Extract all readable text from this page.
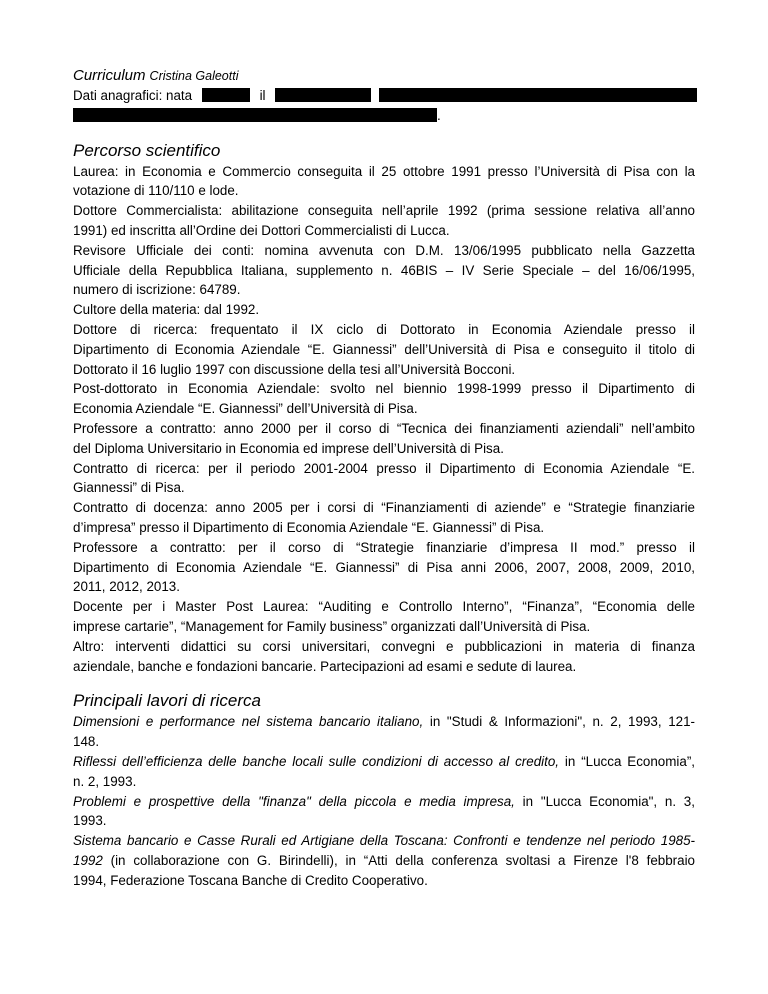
Curriculum Cristina Galeotti
Dati anagrafici: nata	il
.
Percorso scientifico
Laurea: in Economia e Commercio conseguita il 25 ottobre 1991 presso l’Università di Pisa con la
votazione di 110/110 e lode.
Dottore Commercialista: abilitazione conseguita nell’aprile 1992 (prima sessione relativa all’anno
1991) ed inscritta all’Ordine dei Dottori Commercialisti di Lucca.
Revisore Ufficiale dei conti: nomina avvenuta con D.M. 13/06/1995 pubblicato nella Gazzetta
Ufficiale della Repubblica Italiana, supplemento n. 46BIS – IV Serie Speciale – del 16/06/1995,
numero di iscrizione: 64789.
Cultore della materia: dal 1992.
Dottore di ricerca: frequentato il IX ciclo di Dottorato in Economia Aziendale presso il
Dipartimento di Economia Aziendale “E. Giannessi” dell’Università di Pisa e conseguito il titolo di
Dottorato il 16 luglio 1997 con discussione della tesi all’Università Bocconi.
Post-dottorato in Economia Aziendale: svolto nel biennio 1998-1999 presso il Dipartimento di
Economia Aziendale “E. Giannessi” dell’Università di Pisa.
Professore a contratto: anno 2000 per il corso di “Tecnica dei finanziamenti aziendali” nell’ambito
del Diploma Universitario in Economia ed imprese dell’Università di Pisa.
Contratto di ricerca: per il periodo 2001-2004 presso il Dipartimento di Economia Aziendale “E.
Giannessi” di Pisa.
Contratto di docenza: anno 2005 per i corsi di “Finanziamenti di aziende” e “Strategie finanziarie
d’impresa” presso il Dipartimento di Economia Aziendale “E. Giannessi” di Pisa.
Professore a contratto: per il corso di “Strategie finanziarie d’impresa II mod.” presso il
Dipartimento di Economia Aziendale “E. Giannessi” di Pisa anni 2006, 2007, 2008, 2009, 2010,
2011, 2012, 2013.
Docente per i Master Post Laurea: “Auditing e Controllo Interno”, “Finanza”, “Economia delle
imprese cartarie”, “Management for Family business” organizzati dall’Università di Pisa.
Altro: interventi didattici su corsi universitari, convegni e pubblicazioni in materia di finanza
aziendale, banche e fondazioni bancarie. Partecipazioni ad esami e sedute di laurea.
Principali lavori di ricerca
Dimensioni e performance nel sistema bancario italiano, in "Studi & Informazioni", n. 2, 1993, 121-
148.
Riflessi dell’efficienza delle banche locali sulle condizioni di accesso al credito, in “Lucca Economia”,
n. 2, 1993.
Problemi e prospettive della "finanza" della piccola e media impresa, in "Lucca Economia", n. 3,
1993.
Sistema bancario e Casse Rurali ed Artigiane della Toscana: Confronti e tendenze nel periodo 1985-
1992 (in collaborazione con G. Birindelli), in “Atti della conferenza svoltasi a Firenze l'8 febbraio
1994, Federazione Toscana Banche di Credito Cooperativo.
